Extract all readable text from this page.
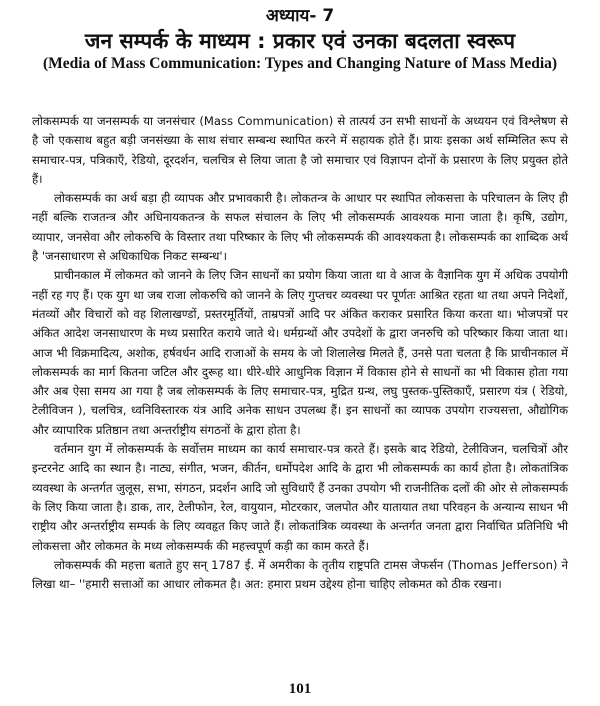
अध्याय- 7
जन सम्पर्क के माध्यम : प्रकार एवं उनका बदलता स्वरूप
(Media of Mass Communication: Types and Changing Nature of Mass Media)

लोकसम्पर्क या जनसम्पर्क या जनसंचार (Mass Communication) से तात्पर्य उन सभी साधनों के अध्ययन एवं विश्लेषण से है जो एकसाथ बहुत बड़ी जनसंख्या के साथ संचार सम्बन्ध स्थापित करने में सहायक होते हैं। प्रायः इसका अर्थ सम्मिलित रूप से समाचार-पत्र, पत्रिकाएँ, रेडियो, दूरदर्शन, चलचित्र से लिया जाता है जो समाचार एवं विज्ञापन दोनों के प्रसारण के लिए प्रयुक्त होते हैं।

लोकसम्पर्क का अर्थ बड़ा ही व्यापक और प्रभावकारी है। लोकतन्त्र के आधार पर स्थापित लोकसत्ता के परिचालन के लिए ही नहीं बल्कि राजतन्त्र और अधिनायकतन्त्र के सफल संचालन के लिए भी लोकसम्पर्क आवश्यक माना जाता है। कृषि, उद्योग, व्यापार, जनसेवा और लोकरुचि के विस्तार तथा परिष्कार के लिए भी लोकसम्पर्क की आवश्यकता है। लोकसम्पर्क का शाब्दिक अर्थ है 'जनसाधारण से अधिकाधिक निकट सम्बन्ध'।

प्राचीनकाल में लोकमत को जानने के लिए जिन साधनों का प्रयोग किया जाता था वे आज के वैज्ञानिक युग में अधिक उपयोगी नहीं रह गए हैं। एक युग था जब राजा लोकरुचि को जानने के लिए गुप्तचर व्यवस्था पर पूर्णतः आश्रित रहता था तथा अपने निदेशों, मंतव्यों और विचारों को वह शिलाखण्डों, प्रस्तरमूर्तियों, ताम्रपत्रों आदि पर अंकित कराकर प्रसारित किया करता था। भोजपत्रों पर अंकित आदेश जनसाधारण के मध्य प्रसारित कराये जाते थे। धर्मग्रन्थों और उपदेशों के द्वारा जनरुचि को परिष्कार किया जाता था। आज भी विक्रमादित्य, अशोक, हर्षवर्धन आदि राजाओं के समय के जो शिलालेख मिलते हैं, उनसे पता चलता है कि प्राचीनकाल में लोकसम्पर्क का मार्ग कितना जटिल और दुरूह था। धीरे-धीरे आधुनिक विज्ञान में विकास होने से साधनों का भी विकास होता गया और अब ऐसा समय आ गया है जब लोकसम्पर्क के लिए समाचार-पत्र, मुद्रित ग्रन्थ, लघु पुस्तक-पुस्तिकाएँ, प्रसारण यंत्र ( रेडियो, टेलीविजन ), चलचित्र, ध्वनिविस्तारक यंत्र आदि अनेक साधन उपलब्ध हैं। इन साधनों का व्यापक उपयोग राज्यसत्ता, औद्योगिक और व्यापारिक प्रतिष्ठान तथा अन्तर्राष्ट्रीय संगठनों के द्वारा होता है।

वर्तमान युग में लोकसम्पर्क के सर्वोत्तम माध्यम का कार्य समाचार-पत्र करते हैं। इसके बाद रेडियो, टेलीविजन, चलचित्रों और इन्टरनेट आदि का स्थान है। नाट्य, संगीत, भजन, कीर्तन, धर्मोपदेश आदि के द्वारा भी लोकसम्पर्क का कार्य होता है। लोकतांत्रिक व्यवस्था के अन्तर्गत जुलूस, सभा, संगठन, प्रदर्शन आदि जो सुविधाएँ हैं उनका उपयोग भी राजनीतिक दलों की ओर से लोकसम्पर्क के लिए किया जाता है। डाक, तार, टेलीफोन, रेल, वायुयान, मोटरकार, जलपोत और यातायात तथा परिवहन के अन्यान्य साधन भी राष्ट्रीय और अन्तर्राष्ट्रीय सम्पर्क के लिए व्यवहृत किए जाते हैं। लोकतांत्रिक व्यवस्था के अन्तर्गत जनता द्वारा निर्वाचित प्रतिनिधि भी लोकसत्ता और लोकमत के मध्य लोकसम्पर्क की महत्त्वपूर्ण कड़ी का काम करते हैं।

लोकसम्पर्क की महत्ता बताते हुए सन् 1787 ई. में अमरीका के तृतीय राष्ट्रपति टामस जेफर्सन (Thomas Jefferson) ने लिखा था– ''हमारी सत्ताओं का आधार लोकमत है। अत: हमारा प्रथम उद्देश्य होना चाहिए लोकमत को ठीक रखना।

101
